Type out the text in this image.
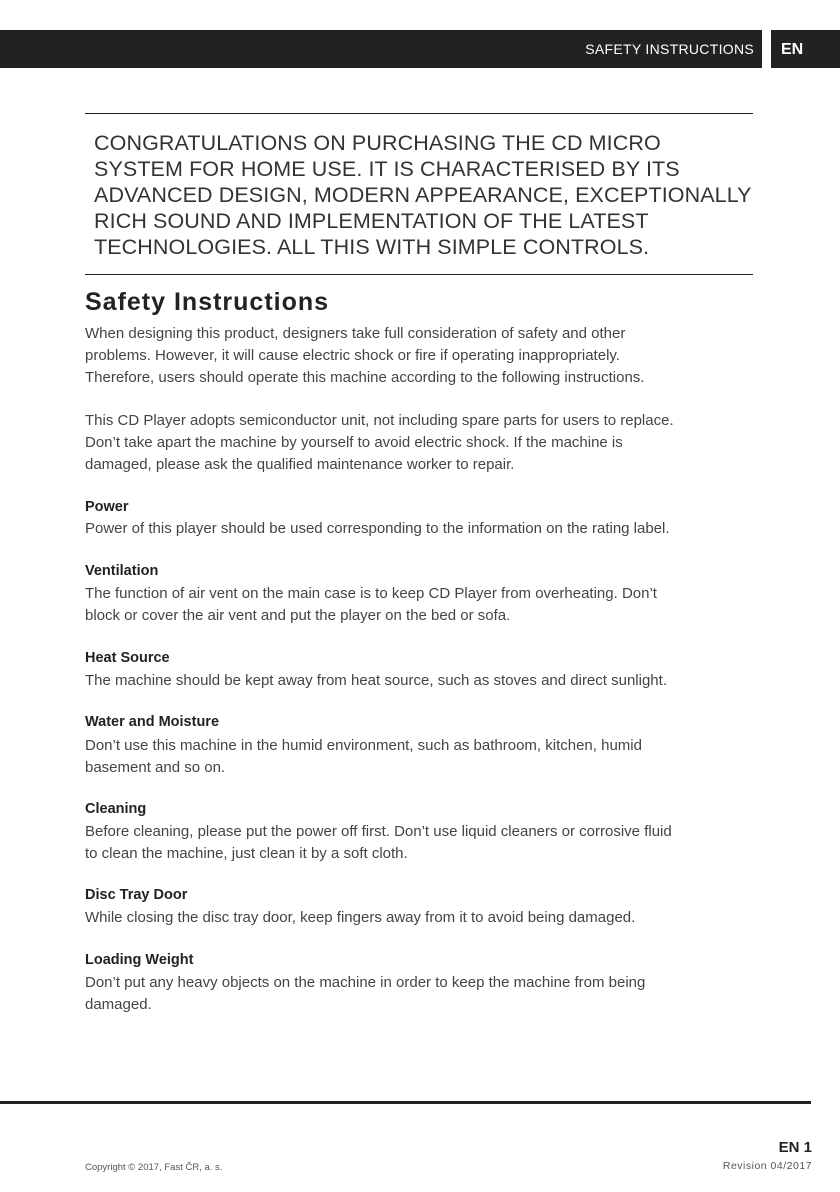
SAFETY INSTRUCTIONS	EN

CONGRATULATIONS ON PURCHASING THE CD MICRO

SYSTEM FOR HOME USE. IT IS CHARACTERISED BY ITS

ADVANCED DESIGN, MODERN APPEARANCE, EXCEPTIONALLY

RICH SOUND AND IMPLEMENTATION OF THE LATEST

TECHNOLOGIES. ALL THIS WITH SIMPLE CONTROLS.

Safety Instructions

When designing this product, designers take full consideration of safety and other

problems. However, it will cause electric shock or fire if operating inappropriately.

Therefore, users should operate this machine according to the following instructions.

This CD Player adopts semiconductor unit, not including spare parts for users to replace.

Don’t take apart the machine by yourself to avoid electric shock. If the machine is

damaged, please ask the qualified maintenance worker to repair.

Power

Power of this player should be used corresponding to the information on the rating label.

Ventilation

The function of air vent on the main case is to keep CD Player from overheating. Don’t

block or cover the air vent and put the player on the bed or sofa.

Heat Source

The machine should be kept away from heat source, such as stoves and direct sunlight.

Water and Moisture

Don’t use this machine in the humid environment, such as bathroom, kitchen, humid

basement and so on.

Cleaning

Before cleaning, please put the power off first. Don’t use liquid cleaners or corrosive fluid

to clean the machine, just clean it by a soft cloth.

Disc Tray Door

While closing the disc tray door, keep fingers away from it to avoid being damaged.

Loading Weight

Don’t put any heavy objects on the machine in order to keep the machine from being

damaged.

EN 1
Copyright © 2017, Fast ČR, a. s.	Revision 04/2017
